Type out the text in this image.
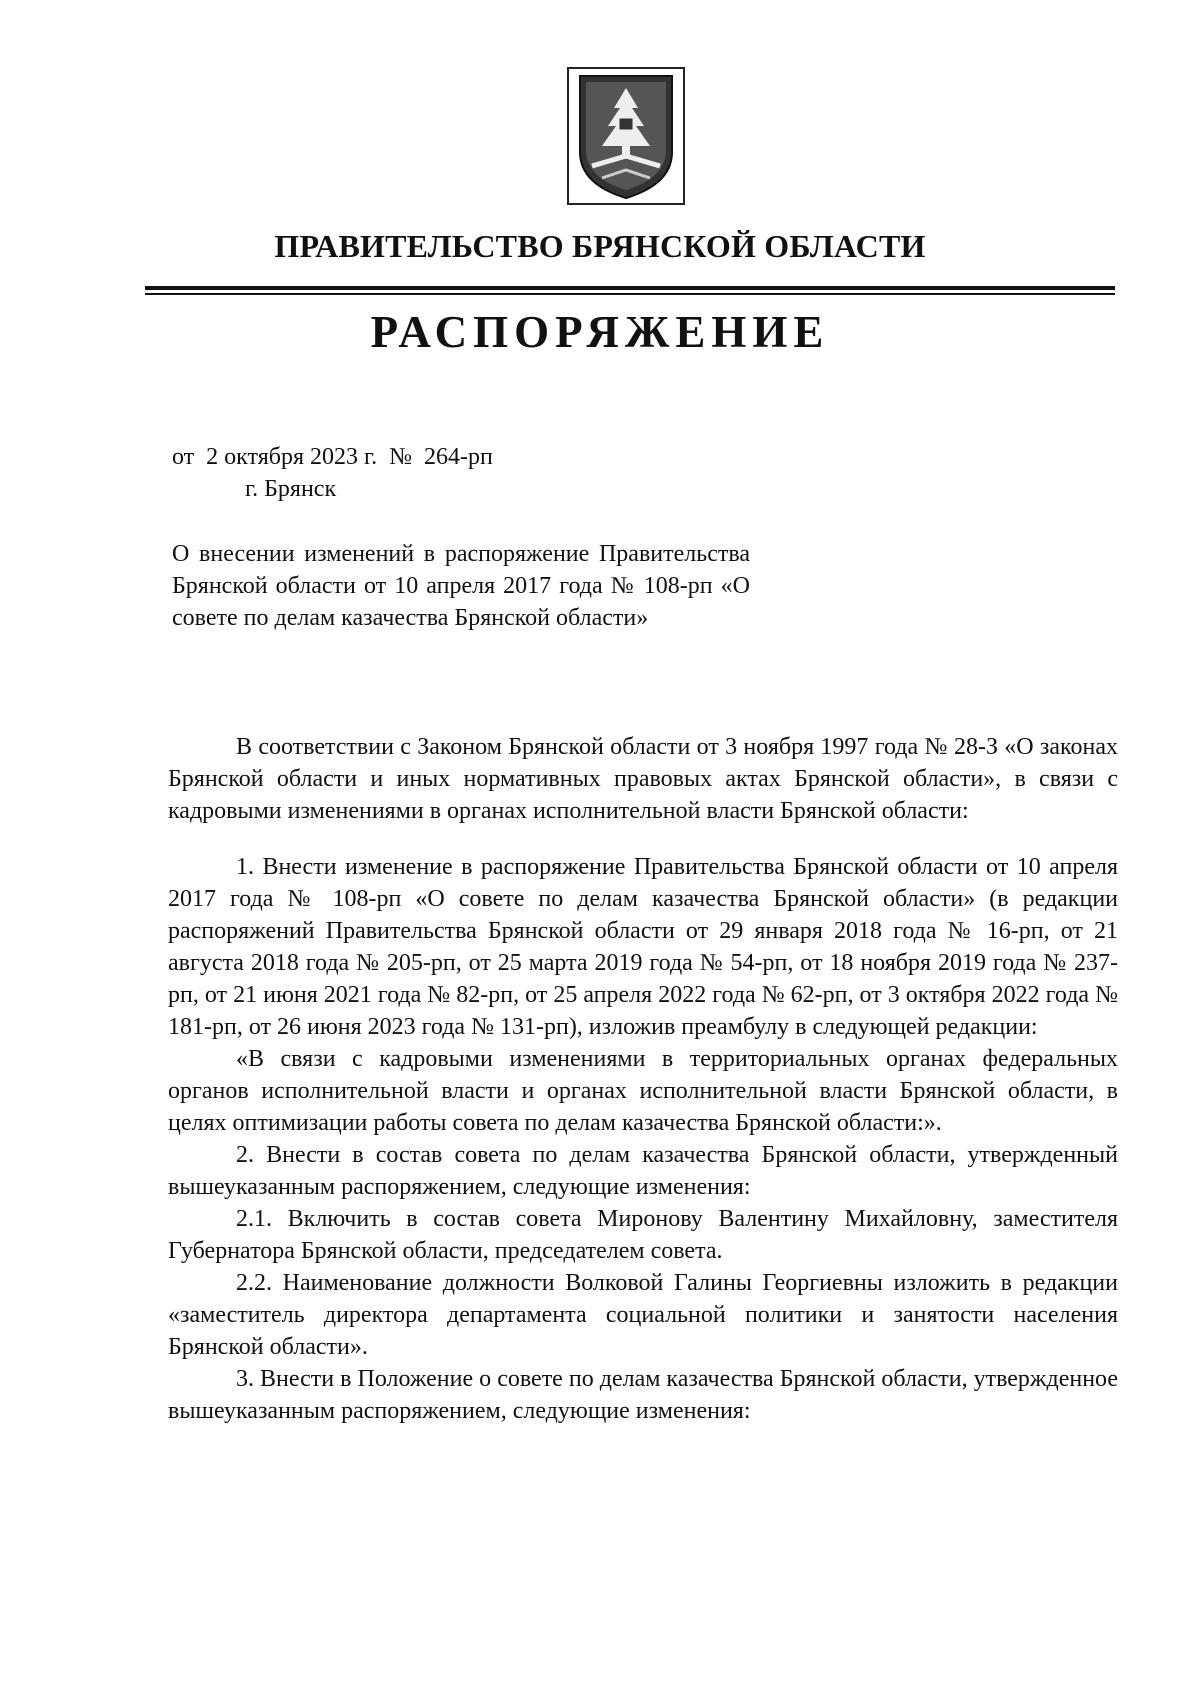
ПРАВИТЕЛЬСТВО БРЯНСКОЙ ОБЛАСТИ
РАСПОРЯЖЕНИЕ
от  2 октября 2023 г.  №  264-рп
г. Брянск
О внесении изменений в распоряжение Правительства Брянской области от 10 апреля 2017 года № 108-рп «О совете по делам казачества Брянской области»

В соответствии с Законом Брянской области от 3 ноября 1997 года № 28-З «О законах Брянской области и иных нормативных правовых актах Брянской области», в связи с кадровыми изменениями в органах исполнительной власти Брянской области:

1. Внести изменение в распоряжение Правительства Брянской области от 10 апреля 2017 года № 108-рп «О совете по делам казачества Брянской области» (в редакции распоряжений Правительства Брянской области от 29 января 2018 года № 16-рп, от 21 августа 2018 года № 205-рп, от 25 марта 2019 года № 54-рп, от 18 ноября 2019 года № 237-рп, от 21 июня 2021 года № 82-рп, от 25 апреля 2022 года № 62-рп, от 3 октября 2022 года № 181-рп, от 26 июня 2023 года № 131-рп), изложив преамбулу в следующей редакции:

«В связи с кадровыми изменениями в территориальных органах федеральных органов исполнительной власти и органах исполнительной власти Брянской области, в целях оптимизации работы совета по делам казачества Брянской области:».

2. Внести в состав совета по делам казачества Брянской области, утвержденный вышеуказанным распоряжением, следующие изменения:

2.1. Включить в состав совета Миронову Валентину Михайловну, заместителя Губернатора Брянской области, председателем совета.

2.2. Наименование должности Волковой Галины Георгиевны изложить в редакции «заместитель директора департамента социальной политики и занятости населения Брянской области».

3. Внести в Положение о совете по делам казачества Брянской области, утвержденное вышеуказанным распоряжением, следующие изменения:
